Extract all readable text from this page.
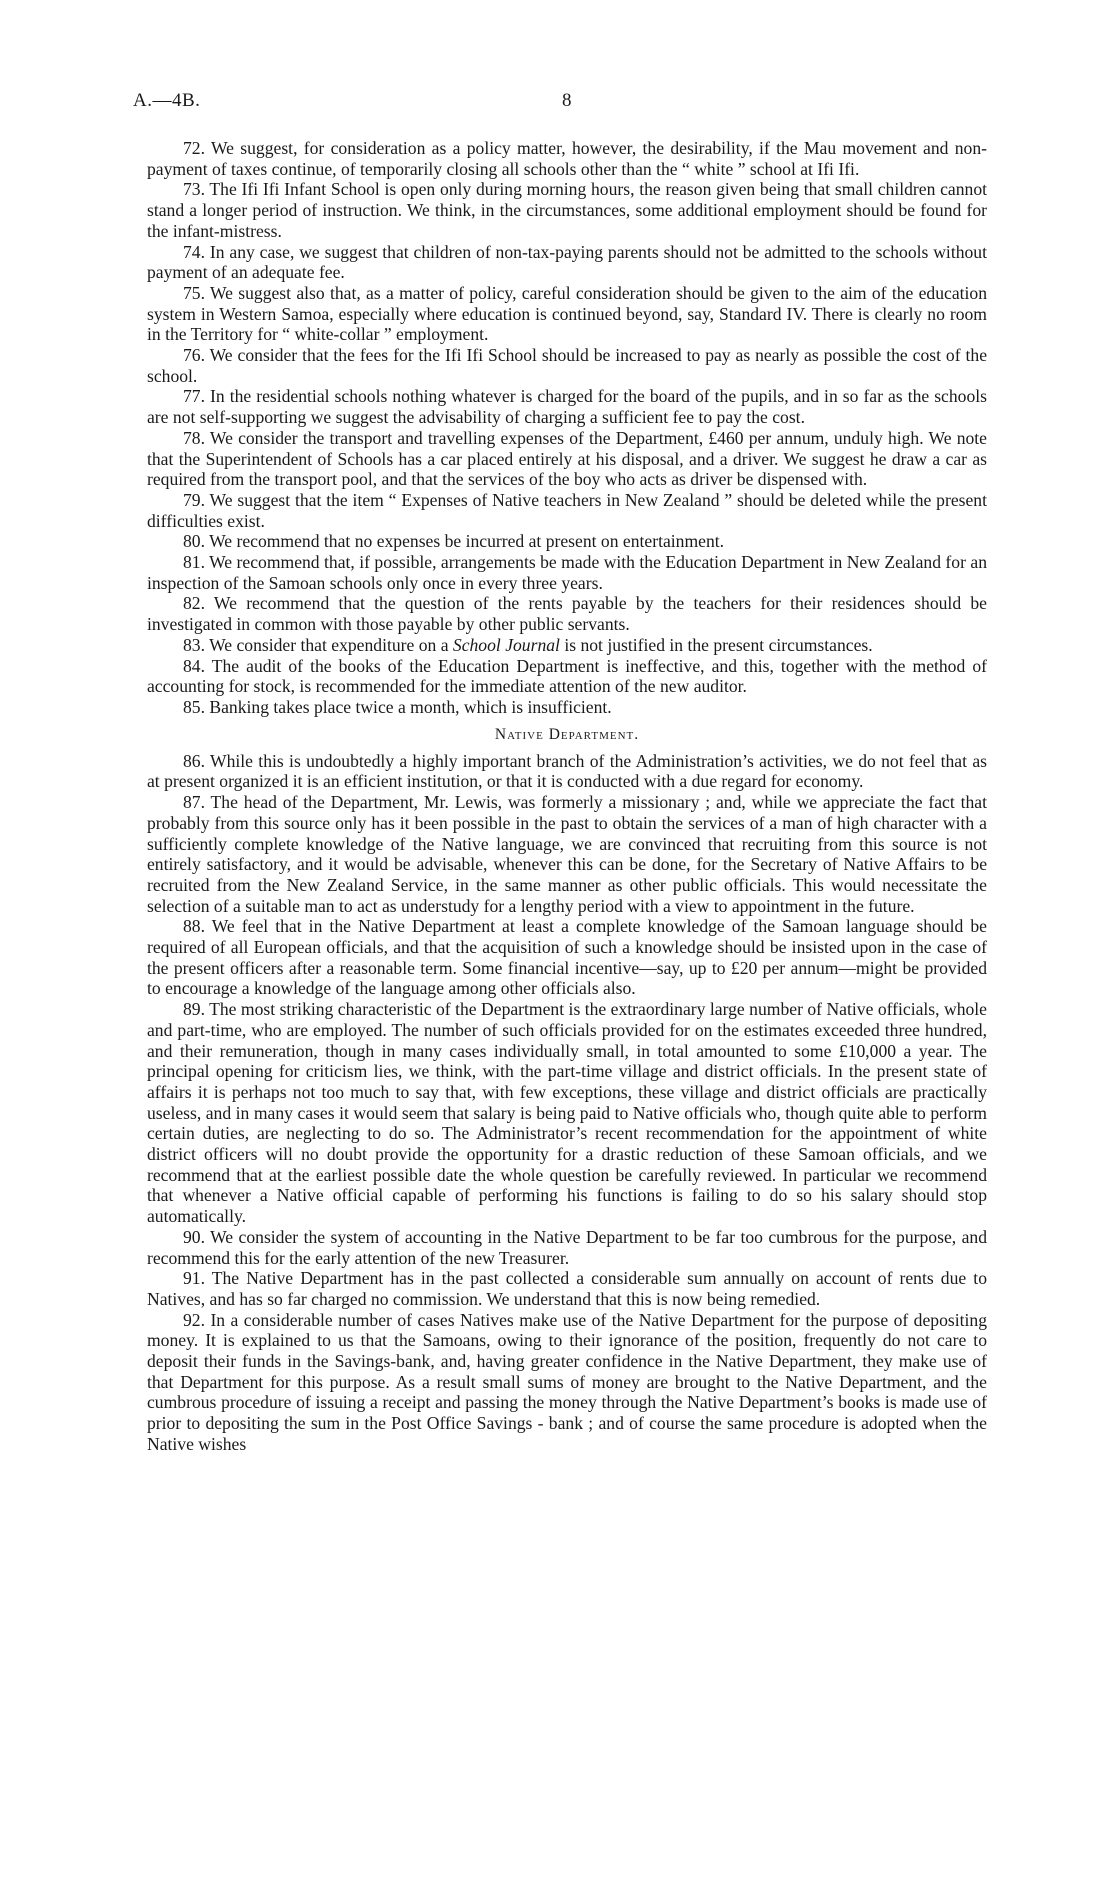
A.—4B.	8

72. We suggest, for consideration as a policy matter, however, the desirability, if the Mau movement and non-payment of taxes continue, of temporarily closing all schools other than the “ white ” school at Ifi Ifi.

73. The Ifi Ifi Infant School is open only during morning hours, the reason given being that small children cannot stand a longer period of instruction. We think, in the circumstances, some additional employment should be found for the infant-mistress.

74. In any case, we suggest that children of non-tax-paying parents should not be admitted to the schools without payment of an adequate fee.

75. We suggest also that, as a matter of policy, careful consideration should be given to the aim of the education system in Western Samoa, especially where education is continued beyond, say, Standard IV. There is clearly no room in the Territory for “ white-collar ” employment.

76. We consider that the fees for the Ifi Ifi School should be increased to pay as nearly as possible the cost of the school.

77. In the residential schools nothing whatever is charged for the board of the pupils, and in so far as the schools are not self-supporting we suggest the advisability of charging a sufficient fee to pay the cost.

78. We consider the transport and travelling expenses of the Department, £460 per annum, unduly high. We note that the Superintendent of Schools has a car placed entirely at his disposal, and a driver. We suggest he draw a car as required from the transport pool, and that the services of the boy who acts as driver be dispensed with.

79. We suggest that the item “ Expenses of Native teachers in New Zealand ” should be deleted while the present difficulties exist.

80. We recommend that no expenses be incurred at present on entertainment.

81. We recommend that, if possible, arrangements be made with the Education Department in New Zealand for an inspection of the Samoan schools only once in every three years.

82. We recommend that the question of the rents payable by the teachers for their residences should be investigated in common with those payable by other public servants.

83. We consider that expenditure on a School Journal is not justified in the present circumstances.

84. The audit of the books of the Education Department is ineffective, and this, together with the method of accounting for stock, is recommended for the immediate attention of the new auditor.

85. Banking takes place twice a month, which is insufficient.

Native Department.

86. While this is undoubtedly a highly important branch of the Administration’s activities, we do not feel that as at present organized it is an efficient institution, or that it is conducted with a due regard for economy.

87. The head of the Department, Mr. Lewis, was formerly a missionary ; and, while we appreciate the fact that probably from this source only has it been possible in the past to obtain the services of a man of high character with a sufficiently complete knowledge of the Native language, we are convinced that recruiting from this source is not entirely satisfactory, and it would be advisable, whenever this can be done, for the Secretary of Native Affairs to be recruited from the New Zealand Service, in the same manner as other public officials. This would necessitate the selection of a suitable man to act as understudy for a lengthy period with a view to appointment in the future.

88. We feel that in the Native Department at least a complete knowledge of the Samoan language should be required of all European officials, and that the acquisition of such a knowledge should be insisted upon in the case of the present officers after a reasonable term. Some financial incentive—say, up to £20 per annum—might be provided to encourage a knowledge of the language among other officials also.

89. The most striking characteristic of the Department is the extraordinary large number of Native officials, whole and part-time, who are employed. The number of such officials provided for on the estimates exceeded three hundred, and their remuneration, though in many cases individually small, in total amounted to some £10,000 a year. The principal opening for criticism lies, we think, with the part-time village and district officials. In the present state of affairs it is perhaps not too much to say that, with few exceptions, these village and district officials are practically useless, and in many cases it would seem that salary is being paid to Native officials who, though quite able to perform certain duties, are neglecting to do so. The Administrator’s recent recommendation for the appointment of white district officers will no doubt provide the opportunity for a drastic reduction of these Samoan officials, and we recommend that at the earliest possible date the whole question be carefully reviewed. In particular we recommend that whenever a Native official capable of performing his functions is failing to do so his salary should stop automatically.

90. We consider the system of accounting in the Native Department to be far too cumbrous for the purpose, and recommend this for the early attention of the new Treasurer.

91. The Native Department has in the past collected a considerable sum annually on account of rents due to Natives, and has so far charged no commission. We understand that this is now being remedied.

92. In a considerable number of cases Natives make use of the Native Department for the purpose of depositing money. It is explained to us that the Samoans, owing to their ignorance of the position, frequently do not care to deposit their funds in the Savings-bank, and, having greater confidence in the Native Department, they make use of that Department for this purpose. As a result small sums of money are brought to the Native Department, and the cumbrous procedure of issuing a receipt and passing the money through the Native Department’s books is made use of prior to depositing the sum in the Post Office Savings - bank ; and of course the same procedure is adopted when the Native wishes
